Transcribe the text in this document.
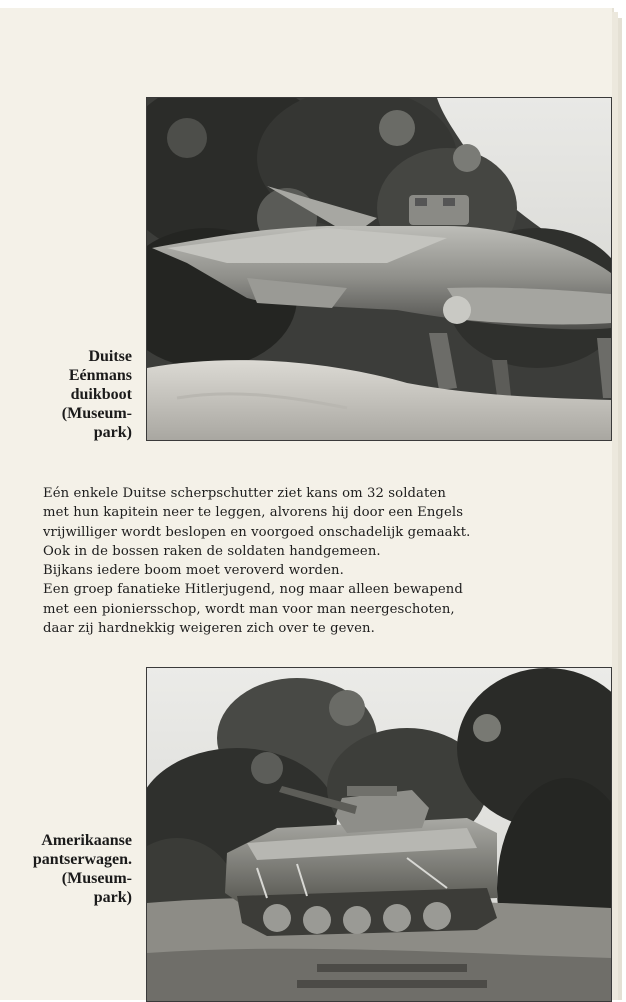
Duitse
Eénmans
duikboot
(Museum-
park)
Eén enkele Duitse scherpschutter ziet kans om 32 soldaten
met hun kapitein neer te leggen, alvorens hij door een Engels
vrijwilliger wordt beslopen en voorgoed onschadelijk gemaakt.
Ook in de bossen raken de soldaten handgemeen.
Bijkans iedere boom moet veroverd worden.
Een groep fanatieke Hitlerjugend, nog maar alleen bewapend
met een pioniersschop, wordt man voor man neergeschoten,
daar zij hardnekkig weigeren zich over te geven.
Amerikaanse
pantserwagen.
(Museum-
park)
